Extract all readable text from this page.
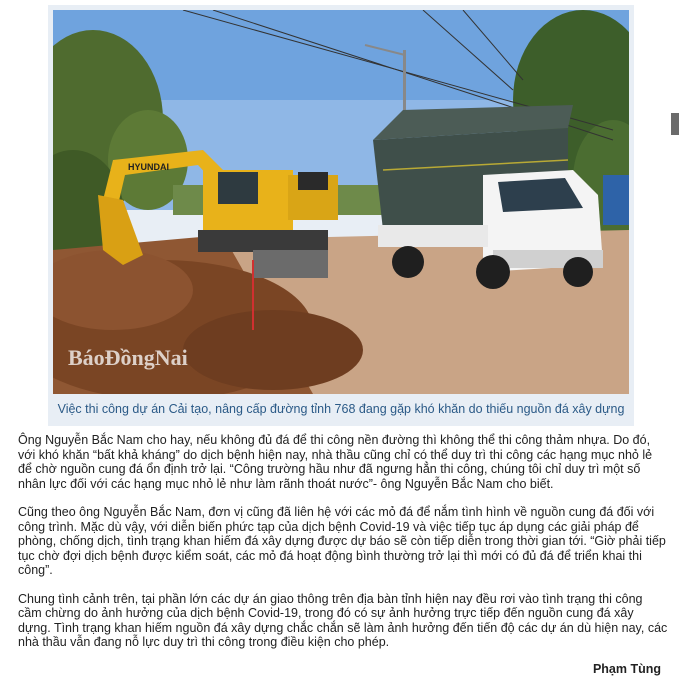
HYUNDAI
BáoĐồngNai
Việc thi công dự án Cải tạo, nâng cấp đường tỉnh 768 đang gặp khó khăn do thiếu nguồn đá xây dựng

Ông Nguyễn Bắc Nam cho hay, nếu không đủ đá để thi công nền đường thì không thể thi công thảm nhựa. Do đó, với khó khăn “bất khả kháng” do dịch bệnh hiện nay, nhà thầu cũng chỉ có thể duy trì thi công các hạng mục nhỏ lẻ để chờ nguồn cung đá ổn định trở lại. “Công trường hầu như đã ngưng hẳn thi công, chúng tôi chỉ duy trì một số nhân lực đối với các hạng mục nhỏ lẻ như làm rãnh thoát nước”- ông Nguyễn Bắc Nam cho biết.

Cũng theo ông Nguyễn Bắc Nam, đơn vị cũng đã liên hệ với các mỏ đá để nắm tình hình về nguồn cung đá đối với công trình. Mặc dù vậy, với diễn biến phức tạp của dịch bệnh Covid-19 và việc tiếp tục áp dụng các giải pháp để phòng, chống dịch, tình trạng khan hiếm đá xây dựng được dự báo sẽ còn tiếp diễn trong thời gian tới. “Giờ phải tiếp tục chờ đợi dịch bệnh được kiểm soát, các mỏ đá hoạt động bình thường trở lại thì mới có đủ đá để triển khai thi công”.

Chung tình cảnh trên, tại phần lớn các dự án giao thông trên địa bàn tỉnh hiện nay đều rơi vào tình trạng thi công cầm chừng do ảnh hưởng của dịch bệnh Covid-19, trong đó có sự ảnh hưởng trực tiếp đến nguồn cung đá xây dựng. Tình trạng khan hiếm nguồn đá xây dựng chắc chắn sẽ làm ảnh hưởng đến tiến độ các dự án dù hiện nay, các nhà thầu vẫn đang nỗ lực duy trì thi công trong điều kiện cho phép.

Phạm Tùng
